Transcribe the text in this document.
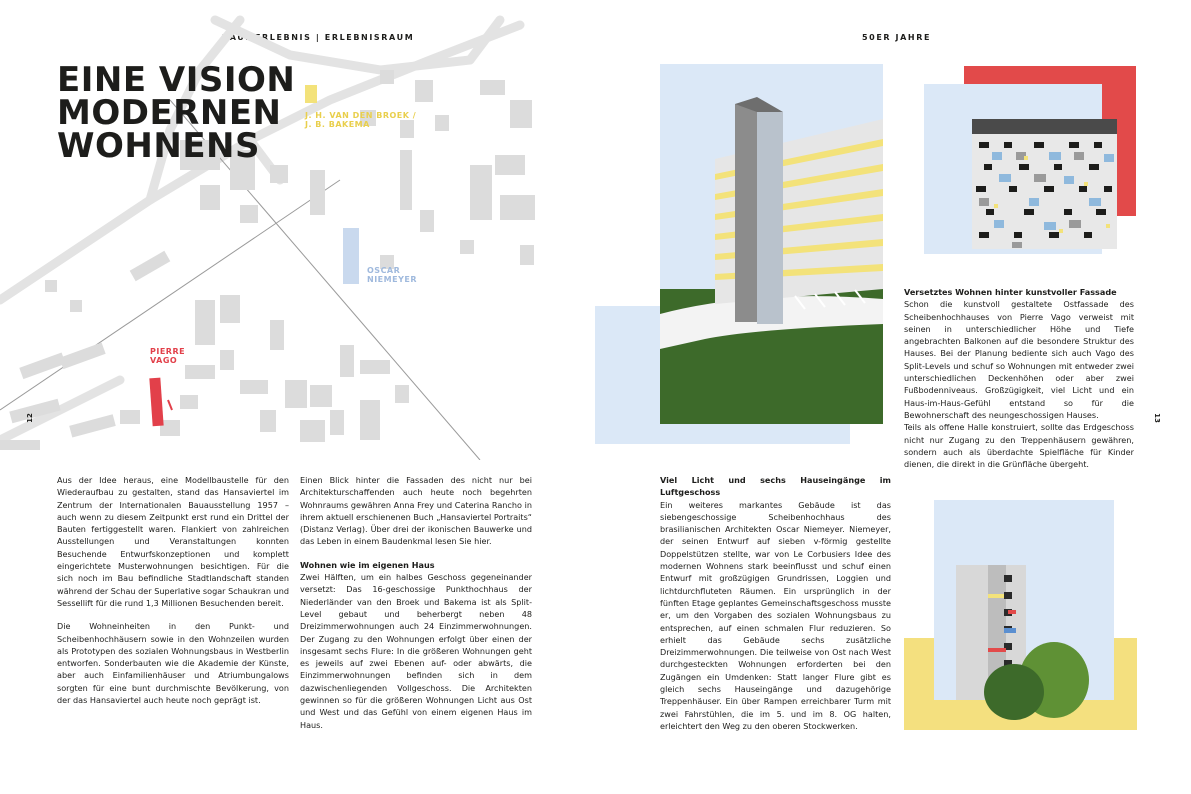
RAUMERLEBNIS | ERLEBNISRAUM	50ER JAHRE
J. H. VAN DEN BROEK /
J. B. BAKEMA
OSCAR
NIEMEYER
PIERRE
VAGO
EINE VISION
MODERNEN
WOHNENS
12	13

Aus der Idee heraus, eine Modellbaustelle für den Wiederaufbau zu gestalten, stand das Hansaviertel im Zentrum der Internationalen Bauausstellung 1957 – auch wenn zu diesem Zeitpunkt erst rund ein Drittel der Bauten fertiggestellt waren. Flankiert von zahlreichen Ausstellungen und Veranstaltungen konnten Besuchende Entwurfskonzeptionen und komplett eingerichtete Musterwohnungen besichtigen. Für die sich noch im Bau befindliche Stadtlandschaft standen während der Schau der Superlative sogar Schaukran und Sessellift für die rund 1,3 Millionen Besuchenden bereit.

Die Wohneinheiten in den Punkt- und Scheibenhochhäusern sowie in den Wohnzeilen wurden als Prototypen des sozialen Wohnungsbaus in Westberlin entworfen. Sonderbauten wie die Akademie der Künste, aber auch Einfamilienhäuser und Atriumbungalows sorgten für eine bunt durchmischte Bevölkerung, von der das Hansaviertel auch heute noch geprägt ist.

Einen Blick hinter die Fassaden des nicht nur bei Architekturschaffenden auch heute noch begehrten Wohnraums gewähren Anna Frey und Caterina Rancho in ihrem aktuell erschienenen Buch „Hansaviertel Portraits“ (Distanz Verlag). Über drei der ikonischen Bauwerke und das Leben in einem Baudenkmal lesen Sie hier.

Wohnen wie im eigenen Haus

Zwei Hälften, um ein halbes Geschoss gegeneinander versetzt: Das 16-geschossige Punkthochhaus der Niederländer van den Broek und Bakema ist als Split-Level gebaut und beherbergt neben 48 Dreizimmerwohnungen auch 24 Einzimmerwohnungen. Der Zugang zu den Wohnungen erfolgt über einen der insgesamt sechs Flure: In die größeren Wohnungen geht es jeweils auf zwei Ebenen auf- oder abwärts, die Einzimmerwohnungen befinden sich in dem dazwischenliegenden Vollgeschoss. Die Architekten gewinnen so für die größeren Wohnungen Licht aus Ost und West und das Gefühl von einem eigenen Haus im Haus.

Viel Licht und sechs Hauseingänge im Luftgeschoss

Ein weiteres markantes Gebäude ist das siebengeschossige Scheibenhochhaus des brasilianischen Architekten Oscar Niemeyer. Niemeyer, der seinen Entwurf auf sieben v-förmig gestellte Doppelstützen stellte, war von Le Corbusiers Idee des modernen Wohnens stark beeinflusst und schuf einen Entwurf mit großzügigen Grundrissen, Loggien und lichtdurchfluteten Räumen. Ein ursprünglich in der fünften Etage geplantes Gemeinschaftsgeschoss musste er, um den Vorgaben des sozialen Wohnungsbaus zu entsprechen, auf einen schmalen Flur reduzieren. So erhielt das Gebäude sechs zusätzliche Dreizimmerwohnungen. Die teilweise von Ost nach West durchgesteckten Wohnungen erforderten bei den Zugängen ein Umdenken: Statt langer Flure gibt es gleich sechs Hauseingänge und dazugehörige Treppenhäuser. Ein über Rampen erreichbarer Turm mit zwei Fahrstühlen, die im 5. und im 8. OG halten, erleichtert den Weg zu den oberen Stockwerken.

Versetztes Wohnen hinter kunstvoller Fassade

Schon die kunstvoll gestaltete Ostfassade des Scheibenhochhauses von Pierre Vago verweist mit seinen in unterschiedlicher Höhe und Tiefe angebrachten Balkonen auf die besondere Struktur des Hauses. Bei der Planung bediente sich auch Vago des Split-Levels und schuf so Wohnungen mit entweder zwei unterschiedlichen Deckenhöhen oder aber zwei Fußbodenniveaus. Großzügigkeit, viel Licht und ein Haus-im-Haus-Gefühl entstand so für die Bewohnerschaft des neungeschossigen Hauses.

Teils als offene Halle konstruiert, sollte das Erdgeschoss nicht nur Zugang zu den Treppenhäusern gewähren, sondern auch als überdachte Spielfläche für Kinder dienen, die direkt in die Grünfläche übergeht.
